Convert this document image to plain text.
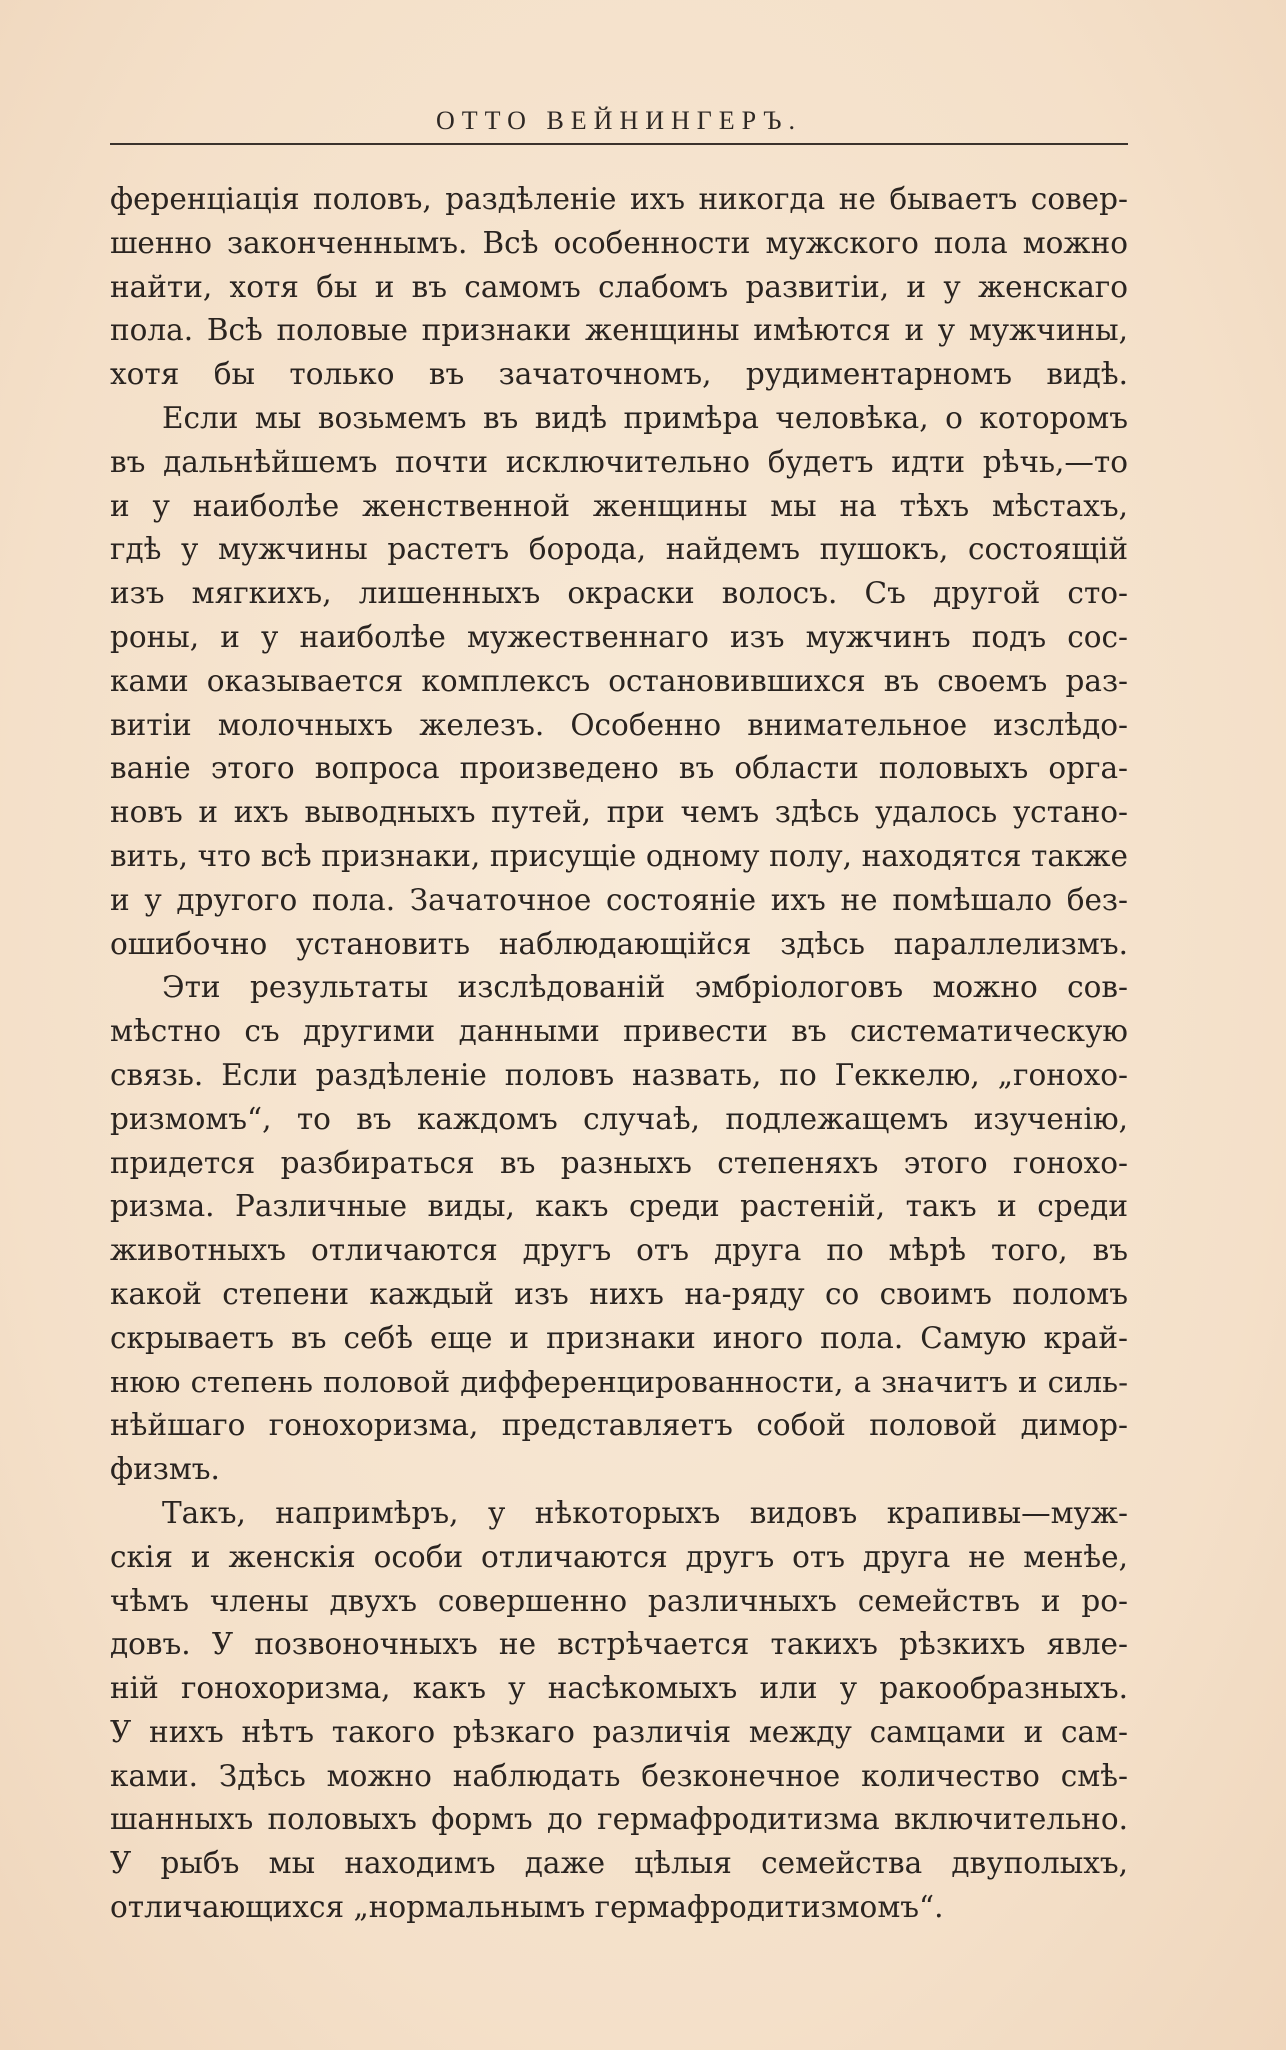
ОТТО ВЕЙНИНГЕРЪ.
ференціація половъ, раздѣленіе ихъ никогда не бываетъ совер-
шенно законченнымъ. Всѣ особенности мужского пола можно
найти, хотя бы и въ самомъ слабомъ развитіи, и у женскаго
пола. Всѣ половые признаки женщины имѣются и у мужчины,
хотя бы только въ зачаточномъ, рудиментарномъ видѣ.
Если мы возьмемъ въ видѣ примѣра человѣка, о которомъ
въ дальнѣйшемъ почти исключительно будетъ идти рѣчь,—то
и у наиболѣе женственной женщины мы на тѣхъ мѣстахъ,
гдѣ у мужчины растетъ борода, найдемъ пушокъ, состоящій
изъ мягкихъ, лишенныхъ окраски волосъ. Съ другой сто-
роны, и у наиболѣе мужественнаго изъ мужчинъ подъ сос-
ками оказывается комплексъ остановившихся въ своемъ раз-
витіи молочныхъ железъ. Особенно внимательное изслѣдо-
ваніе этого вопроса произведено въ области половыхъ орга-
новъ и ихъ выводныхъ путей, при чемъ здѣсь удалось устано-
вить, что всѣ признаки, присущіе одному полу, находятся также
и у другого пола. Зачаточное состояніе ихъ не помѣшало без-
ошибочно установить наблюдающійся здѣсь параллелизмъ.
Эти результаты изслѣдованій эмбріологовъ можно сов-
мѣстно съ другими данными привести въ систематическую
связь. Если раздѣленіе половъ назвать, по Геккелю, „гонохо-
ризмомъ“, то въ каждомъ случаѣ, подлежащемъ изученію,
придется разбираться въ разныхъ степеняхъ этого гонохо-
ризма. Различные виды, какъ среди растеній, такъ и среди
животныхъ отличаются другъ отъ друга по мѣрѣ того, въ
какой степени каждый изъ нихъ на-ряду со своимъ поломъ
скрываетъ въ себѣ еще и признаки иного пола. Самую край-
нюю степень половой дифференцированности, а значитъ и силь-
нѣйшаго гонохоризма, представляетъ собой половой димор-
физмъ.
Такъ, напримѣръ, у нѣкоторыхъ видовъ крапивы—муж-
скія и женскія особи отличаются другъ отъ друга не менѣе,
чѣмъ члены двухъ совершенно различныхъ семействъ и ро-
довъ. У позвоночныхъ не встрѣчается такихъ рѣзкихъ явле-
ній гонохоризма, какъ у насѣкомыхъ или у ракообразныхъ.
У нихъ нѣтъ такого рѣзкаго различія между самцами и сам-
ками. Здѣсь можно наблюдать безконечное количество смѣ-
шанныхъ половыхъ формъ до гермафродитизма включительно.
У рыбъ мы находимъ даже цѣлыя семейства двуполыхъ,
отличающихся „нормальнымъ гермафродитизмомъ“.
